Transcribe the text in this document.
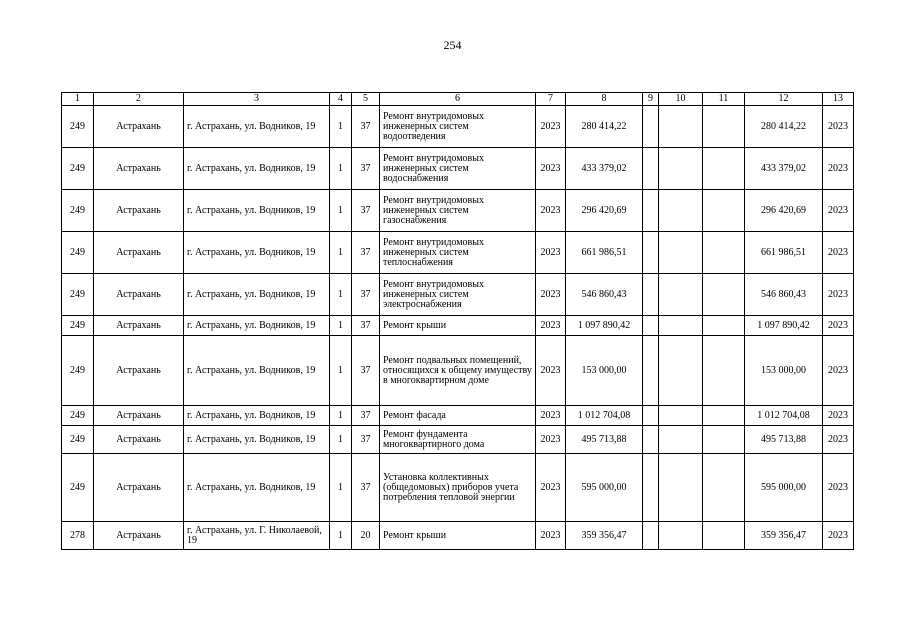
254
1	2	3	4	5	6	7	8	9	10	11	12	13
249	Астрахань	г. Астрахань, ул. Водников, 19	1	37	Ремонт внутридомовых инженерных систем водоотведения	2023	280 414,22				280 414,22	2023
249	Астрахань	г. Астрахань, ул. Водников, 19	1	37	Ремонт внутридомовых инженерных систем водоснабжения	2023	433 379,02				433 379,02	2023
249	Астрахань	г. Астрахань, ул. Водников, 19	1	37	Ремонт внутридомовых инженерных систем газоснабжения	2023	296 420,69				296 420,69	2023
249	Астрахань	г. Астрахань, ул. Водников, 19	1	37	Ремонт внутридомовых инженерных систем теплоснабжения	2023	661 986,51				661 986,51	2023
249	Астрахань	г. Астрахань, ул. Водников, 19	1	37	Ремонт внутридомовых инженерных систем электроснабжения	2023	546 860,43				546 860,43	2023
249	Астрахань	г. Астрахань, ул. Водников, 19	1	37	Ремонт крыши	2023	1 097 890,42				1 097 890,42	2023
249	Астрахань	г. Астрахань, ул. Водников, 19	1	37	Ремонт подвальных помещений, относящихся к общему имуществу в многоквартирном доме	2023	153 000,00				153 000,00	2023
249	Астрахань	г. Астрахань, ул. Водников, 19	1	37	Ремонт фасада	2023	1 012 704,08				1 012 704,08	2023
249	Астрахань	г. Астрахань, ул. Водников, 19	1	37	Ремонт фундамента многоквартирного дома	2023	495 713,88				495 713,88	2023
249	Астрахань	г. Астрахань, ул. Водников, 19	1	37	Установка коллективных (общедомовых) приборов учета потребления тепловой энергии	2023	595 000,00				595 000,00	2023
278	Астрахань	г. Астрахань, ул. Г. Николаевой, 19	1	20	Ремонт крыши	2023	359 356,47				359 356,47	2023
